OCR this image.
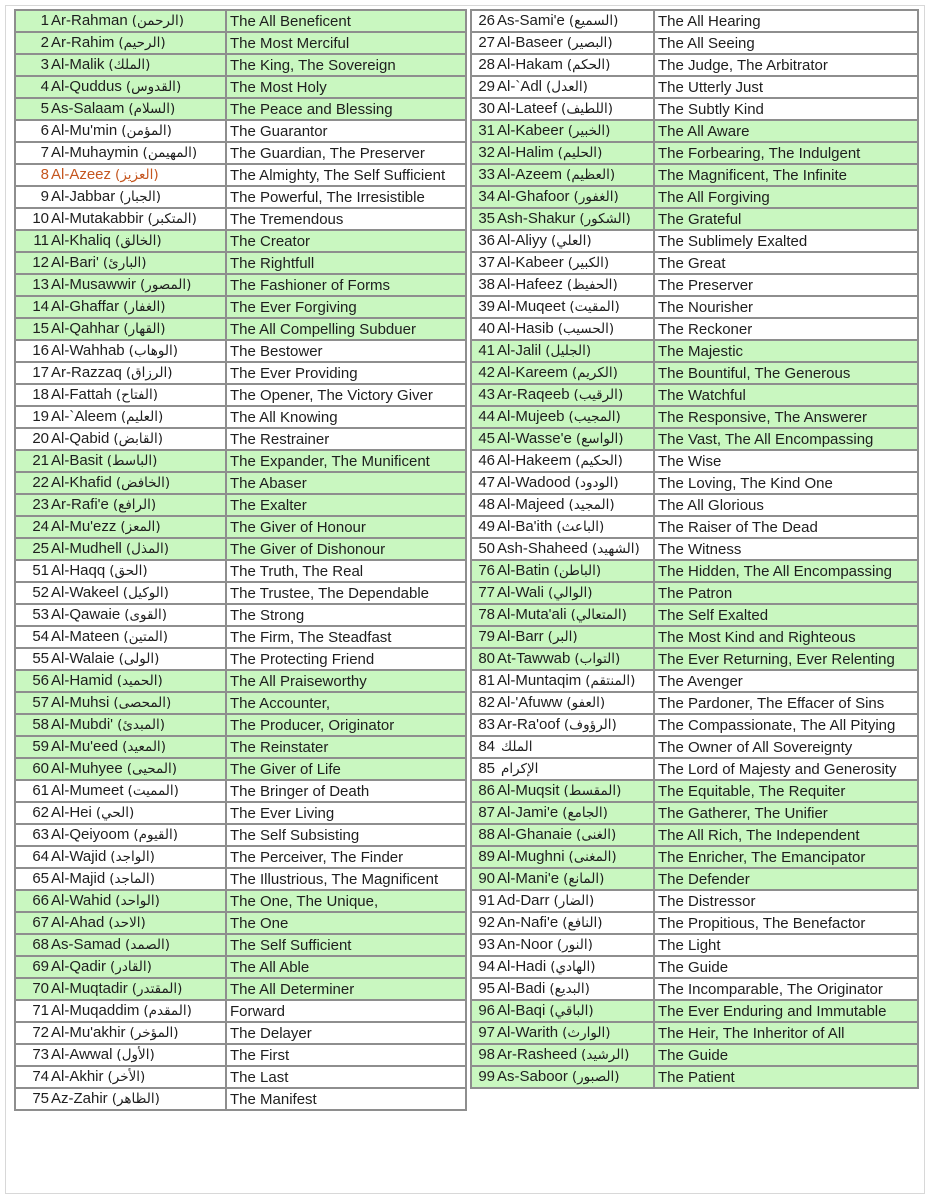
1 Ar-Rahman (الرحمن)	The All Beneficent
2 Ar-Rahim (الرحيم)	The Most Merciful
3 Al-Malik (الملك)	The King, The Sovereign
4 Al-Quddus (القدوس)	The Most Holy
5 As-Salaam (السلام)	The Peace and Blessing
6 Al-Mu'min (المؤمن)	The Guarantor
7 Al-Muhaymin (المهيمن)	The Guardian, The Preserver
8 Al-Azeez (العزيز)	The Almighty, The Self Sufficient
9 Al-Jabbar (الجبار)	The Powerful, The Irresistible
10 Al-Mutakabbir (المتكبر)	The Tremendous
11 Al-Khaliq (الخالق)	The Creator
12 Al-Bari' (البارئ)	The Rightfull
13 Al-Musawwir (المصور)	The Fashioner of Forms
14 Al-Ghaffar (الغفار)	The Ever Forgiving
15 Al-Qahhar (القهار)	The All Compelling Subduer
16 Al-Wahhab (الوهاب)	The Bestower
17 Ar-Razzaq (الرزاق)	The Ever Providing
18 Al-Fattah (الفتاح)	The Opener, The Victory Giver
19 Al-`Aleem (العليم)	The All Knowing
20 Al-Qabid (القابض)	The Restrainer
21 Al-Basit (الباسط)	The Expander, The Munificent
22 Al-Khafid (الخافض)	The Abaser
23 Ar-Rafi'e (الرافع)	The Exalter
24 Al-Mu'ezz (المعز)	The Giver of Honour
25 Al-Mudhell (المذل)	The Giver of Dishonour
51 Al-Haqq (الحق)	The Truth, The Real
52 Al-Wakeel (الوكيل)	The Trustee, The Dependable
53 Al-Qawaie (القوى)	The Strong
54 Al-Mateen (المتين)	The Firm, The Steadfast
55 Al-Walaie (الولى)	The Protecting Friend
56 Al-Hamid (الحميد)	The All Praiseworthy
57 Al-Muhsi (المحصى)	The Accounter,
58 Al-Mubdi' (المبدئ)	The Producer, Originator
59 Al-Mu'eed (المعيد)	The Reinstater
60 Al-Muhyee (المحيى)	The Giver of Life
61 Al-Mumeet (المميت)	The Bringer of Death
62 Al-Hei (الحي)	The Ever Living
63 Al-Qeiyoom (القيوم)	The Self Subsisting
64 Al-Wajid (الواجد)	The Perceiver, The Finder
65 Al-Majid (الماجد)	The Illustrious, The Magnificent
66 Al-Wahid (الواحد)	The One, The Unique,
67 Al-Ahad (الاحد)	The One
68 As-Samad (الصمد)	The Self Sufficient
69 Al-Qadir (القادر)	The All Able
70 Al-Muqtadir (المقتدر)	The All Determiner
71 Al-Muqaddim (المقدم)	Forward
72 Al-Mu'akhir (المؤخر)	The Delayer
73 Al-Awwal (الأول)	The First
74 Al-Akhir (الأخر)	The Last
75 Az-Zahir (الظاهر)	The Manifest
26 As-Sami'e (السميع)	The All Hearing
27 Al-Baseer (البصير)	The All Seeing
28 Al-Hakam (الحكم)	The Judge, The Arbitrator
29 Al-`Adl (العدل)	The Utterly Just
30 Al-Lateef (اللطيف)	The Subtly Kind
31 Al-Kabeer (الخبير)	The All Aware
32 Al-Halim (الحليم)	The Forbearing, The Indulgent
33 Al-Azeem (العظيم)	The Magnificent, The Infinite
34 Al-Ghafoor (الغفور)	The All Forgiving
35 Ash-Shakur (الشكور)	The Grateful
36 Al-Aliyy (العلي)	The Sublimely Exalted
37 Al-Kabeer (الكبير)	The Great
38 Al-Hafeez (الحفيظ)	The Preserver
39 Al-Muqeet (المقيت)	The Nourisher
40 Al-Hasib (الحسيب)	The Reckoner
41 Al-Jalil (الجليل)	The Majestic
42 Al-Kareem (الكريم)	The Bountiful, The Generous
43 Ar-Raqeeb (الرقيب)	The Watchful
44 Al-Mujeeb (المجيب)	The Responsive, The Answerer
45 Al-Wasse'e (الواسع)	The Vast, The All Encompassing
46 Al-Hakeem (الحكيم)	The Wise
47 Al-Wadood (الودود)	The Loving, The Kind One
48 Al-Majeed (المجيد)	The All Glorious
49 Al-Ba'ith (الباعث)	The Raiser of The Dead
50 Ash-Shaheed (الشهيد)	The Witness
76 Al-Batin (الباطن)	The Hidden, The All Encompassing
77 Al-Wali (الوالي)	The Patron
78 Al-Muta'ali (المتعالي)	The Self Exalted
79 Al-Barr (البر)	The Most Kind and Righteous
80 At-Tawwab (التواب)	The Ever Returning, Ever Relenting
81 Al-Muntaqim (المنتقم)	The Avenger
82 Al-'Afuww (العفو)	The Pardoner, The Effacer of Sins
83 Ar-Ra'oof (الرؤوف)	The Compassionate, The All Pitying
84 الملك	The Owner of All Sovereignty
85 الإكرام	The Lord of Majesty and Generosity
86 Al-Muqsit (المقسط)	The Equitable, The Requiter
87 Al-Jami'e (الجامع)	The Gatherer, The Unifier
88 Al-Ghanaie (الغنى)	The All Rich, The Independent
89 Al-Mughni (المغنى)	The Enricher, The Emancipator
90 Al-Mani'e (المانع)	The Defender
91 Ad-Darr (الضار)	The Distressor
92 An-Nafi'e (النافع)	The Propitious, The Benefactor
93 An-Noor (النور)	The Light
94 Al-Hadi (الهادي)	The Guide
95 Al-Badi (البديع)	The Incomparable, The Originator
96 Al-Baqi (الباقي)	The Ever Enduring and Immutable
97 Al-Warith (الوارث)	The Heir, The Inheritor of All
98 Ar-Rasheed (الرشيد)	The Guide
99 As-Saboor (الصبور)	The Patient
